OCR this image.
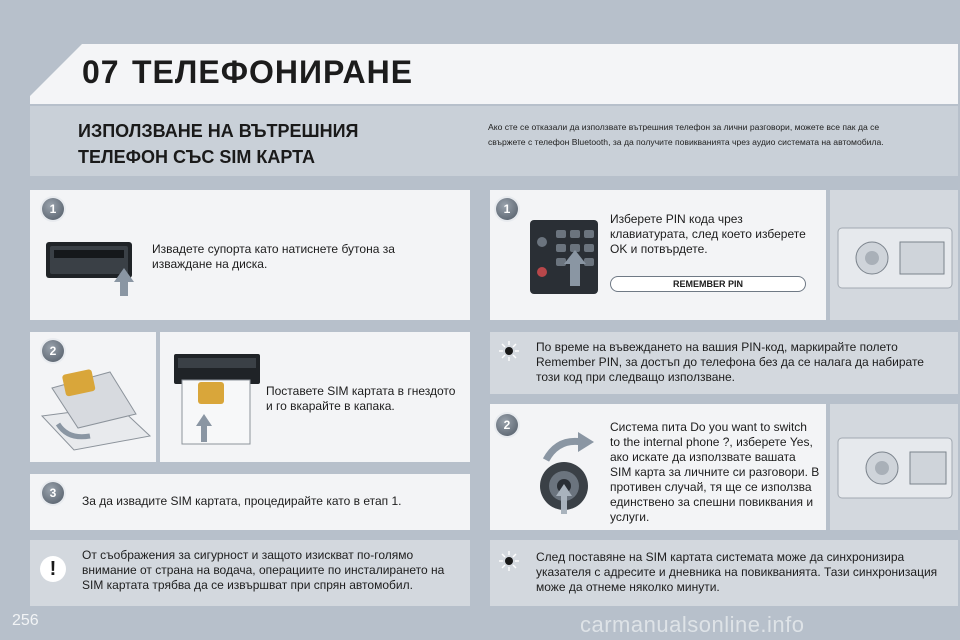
07 ТЕЛЕФОНИРАНЕ
ИЗПОЛЗВАНЕ НА ВЪТРЕШНИЯ
ТЕЛЕФОН СЪС SIM КАРТА
Ако сте се отказали да използвате вътрешния телефон за лични разговори, можете все пак да се свържете с телефон Bluetooth, за да получите повикванията чрез аудио системата на автомобила.
1
Извадете супорта като натиснете бутона за изваждане на диска.
2
Поставете SIM картата в гнездото и го вкарайте в капака.
3
За да извадите SIM картата, процедирайте като в етап 1.
!
От съображения за сигурност и защото изискват по-голямо внимание от страна на водача, операциите по инсталирането на SIM картата трябва да се извършват при спрян автомобил.
1
Изберете PIN кода чрез клавиатурата, след което изберете OK и потвърдете.
REMEMBER PIN
По време на въвеждането на вашия PIN-код, маркирайте полето Remember PIN, за достъп до телефона без да се налага да набирате този код при следващо използване.
2	Системa пита Do you want to switch to the internal phone ?, изберете Yes, ако искате да използвате вашата SIM карта за личните си разговори. В противен случай, тя ще се използва единствено за спешни повиквания и услуги.
След поставяне на SIM картата системата може да синхронизира указателя с адресите и дневника на повикванията. Тази синхронизация може да отнеме няколко минути.
256	carmanualsonline.info
